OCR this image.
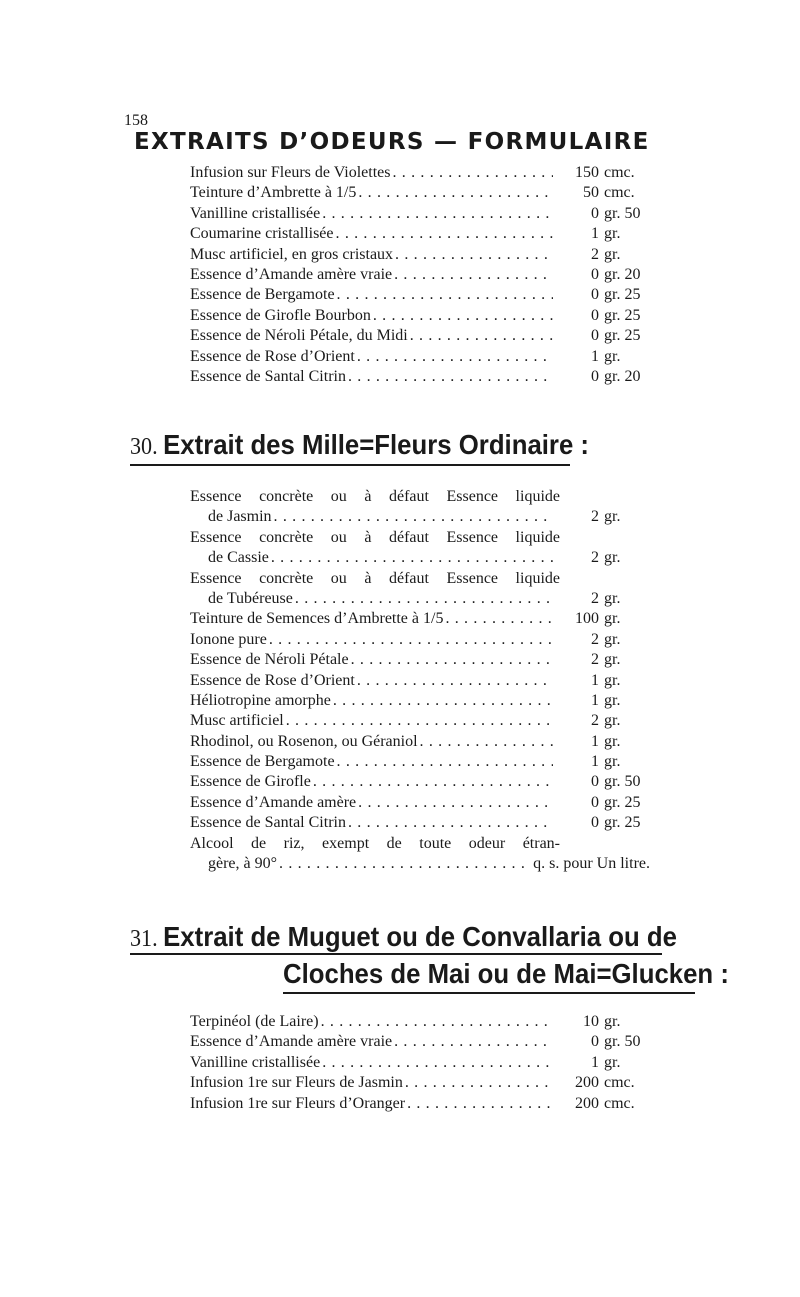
158
EXTRAITS D’ODEURS — FORMULAIRE
Infusion sur Fleurs de Violettes .....	150 cmc.
Teinture d’Ambrette à 1/5 .....	50 cmc.
Vanilline cristallisée .....	0 gr. 50
Coumarine cristallisée .....	1 gr.
Musc artificiel, en gros cristaux .....	2 gr.
Essence d’Amande amère vraie .....	0 gr. 20
Essence de Bergamote .....	0 gr. 25
Essence de Girofle Bourbon .....	0 gr. 25
Essence de Néroli Pétale, du Midi .....	0 gr. 25
Essence de Rose d’Orient .....	1 gr.
Essence de Santal Citrin .....	0 gr. 20
30. Extrait des Mille=Fleurs Ordinaire :
Essence concrète ou à défaut Essence liquide
de Jasmin .....	2 gr.
Essence concrète ou à défaut Essence liquide
de Cassie .....	2 gr.
Essence concrète ou à défaut Essence liquide
de Tubéreuse .....	2 gr.
Teinture de Semences d’Ambrette à 1/5 .....	100 gr.
Ionone pure .....	2 gr.
Essence de Néroli Pétale .....	2 gr.
Essence de Rose d’Orient .....	1 gr.
Héliotropine amorphe .....	1 gr.
Musc artificiel .....	2 gr.
Rhodinol, ou Rosenon, ou Géraniol .....	1 gr.
Essence de Bergamote .....	1 gr.
Essence de Girofle .....	0 gr. 50
Essence d’Amande amère .....	0 gr. 25
Essence de Santal Citrin .....	0 gr. 25
Alcool de riz, exempt de toute odeur étran-
gère, à 90° .....	q. s. pour Un litre.
31. Extrait de Muguet ou de Convallaria ou de
Cloches de Mai ou de Mai=Glucken :
Terpinéol (de Laire) .....	10 gr.
Essence d’Amande amère vraie .....	0 gr. 50
Vanilline cristallisée .....	1 gr.
Infusion 1re sur Fleurs de Jasmin .....	200 cmc.
Infusion 1re sur Fleurs d’Oranger .....	200 cmc.
